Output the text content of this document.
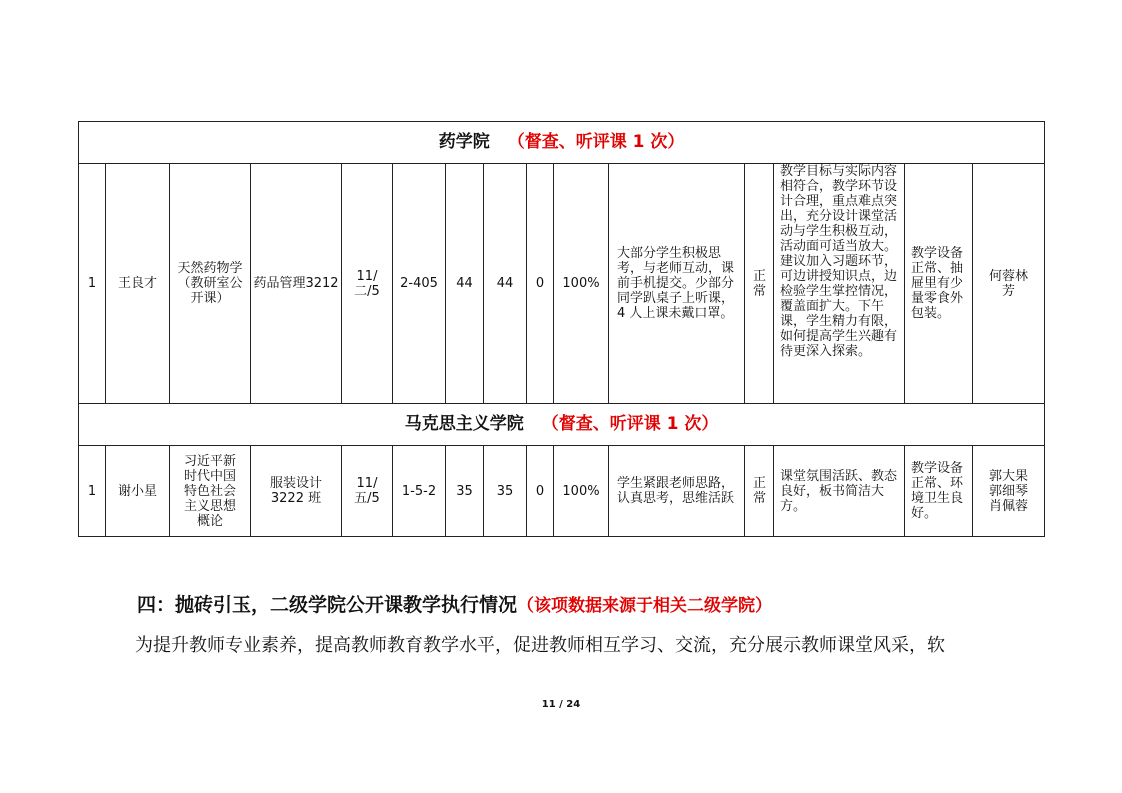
药学院 （督查、听评课 1 次）														
1	王良才	天然药物学（教研室公开课）	药品管理3212	11/二/5	2-405	44	44	0	100%	大部分学生积极思考，与老师互动，课前手机提交。少部分同学趴桌子上听课，4 人上课未戴口罩。	正常	教学目标与实际内容相符合，教学环节设计合理，重点难点突出，充分设计课堂活动与学生积极互动，活动面可适当放大。建议加入习题环节，可边讲授知识点，边检验学生掌控情况，覆盖面扩大。下午课，学生精力有限，如何提高学生兴趣有待更深入探索。	教学设备正常、抽屉里有少量零食外包装。	何蓉林芳
马克思主义学院 （督查、听评课 1 次）														
1	谢小星	习近平新时代中国特色社会主义思想概论	服装设计3222 班	11/五/5	1-5-2	35	35	0	100%	学生紧跟老师思路，认真思考，思维活跃	正常	课堂氛围活跃、教态良好，板书简洁大方。	教学设备正常、环境卫生良好。	郭大果郭细琴肖佩蓉
四：抛砖引玉，二级学院公开课教学执行情况（该项数据来源于相关二级学院）
为提升教师专业素养，提高教师教育教学水平，促进教师相互学习、交流，充分展示教师课堂风采，软
11 / 24
